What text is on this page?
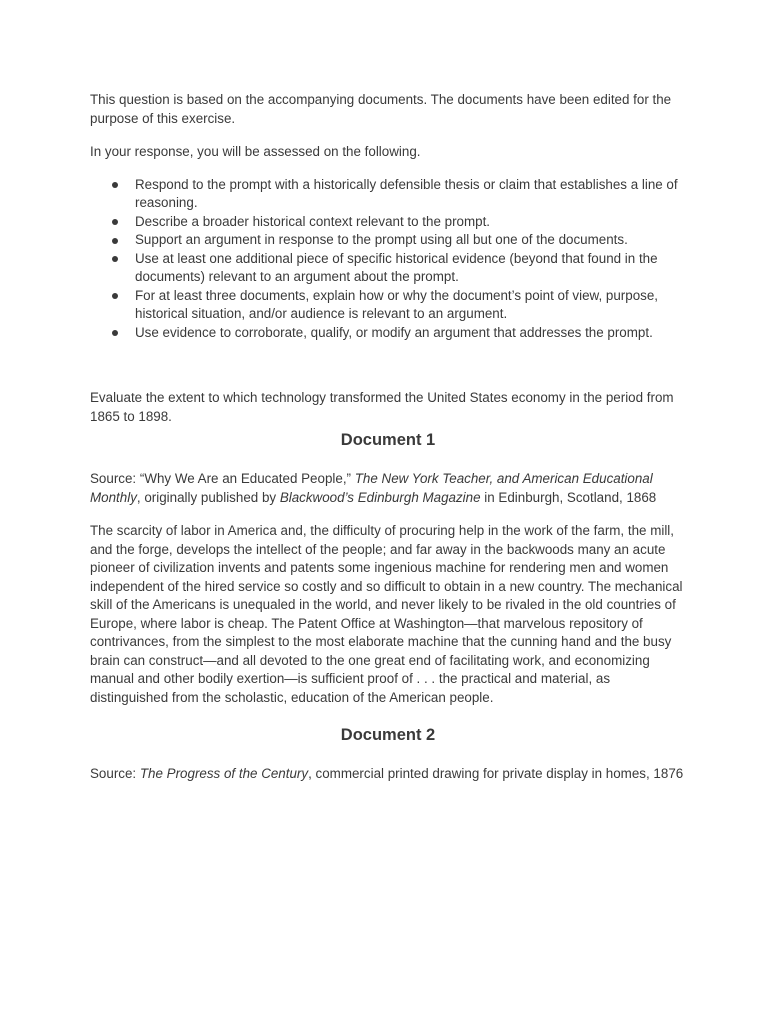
This question is based on the accompanying documents. The documents have been edited for the purpose of this exercise.

In your response, you will be assessed on the following.

Respond to the prompt with a historically defensible thesis or claim that establishes a line of reasoning.
Describe a broader historical context relevant to the prompt.
Support an argument in response to the prompt using all but one of the documents.
Use at least one additional piece of specific historical evidence (beyond that found in the documents) relevant to an argument about the prompt.
For at least three documents, explain how or why the document’s point of view, purpose, historical situation, and/or audience is relevant to an argument.
Use evidence to corroborate, qualify, or modify an argument that addresses the prompt.

Evaluate the extent to which technology transformed the United States economy in the period from 1865 to 1898.

Document 1

Source: “Why We Are an Educated People,” The New York Teacher, and American Educational Monthly, originally published by Blackwood’s Edinburgh Magazine in Edinburgh, Scotland, 1868

The scarcity of labor in America and, the difficulty of procuring help in the work of the farm, the mill, and the forge, develops the intellect of the people; and far away in the backwoods many an acute pioneer of civilization invents and patents some ingenious machine for rendering men and women independent of the hired service so costly and so difficult to obtain in a new country. The mechanical skill of the Americans is unequaled in the world, and never likely to be rivaled in the old countries of Europe, where labor is cheap. The Patent Office at Washington—that marvelous repository of contrivances, from the simplest to the most elaborate machine that the cunning hand and the busy brain can construct—and all devoted to the one great end of facilitating work, and economizing manual and other bodily exertion—is sufficient proof of . . . the practical and material, as distinguished from the scholastic, education of the American people.

Document 2

Source: The Progress of the Century, commercial printed drawing for private display in homes, 1876
